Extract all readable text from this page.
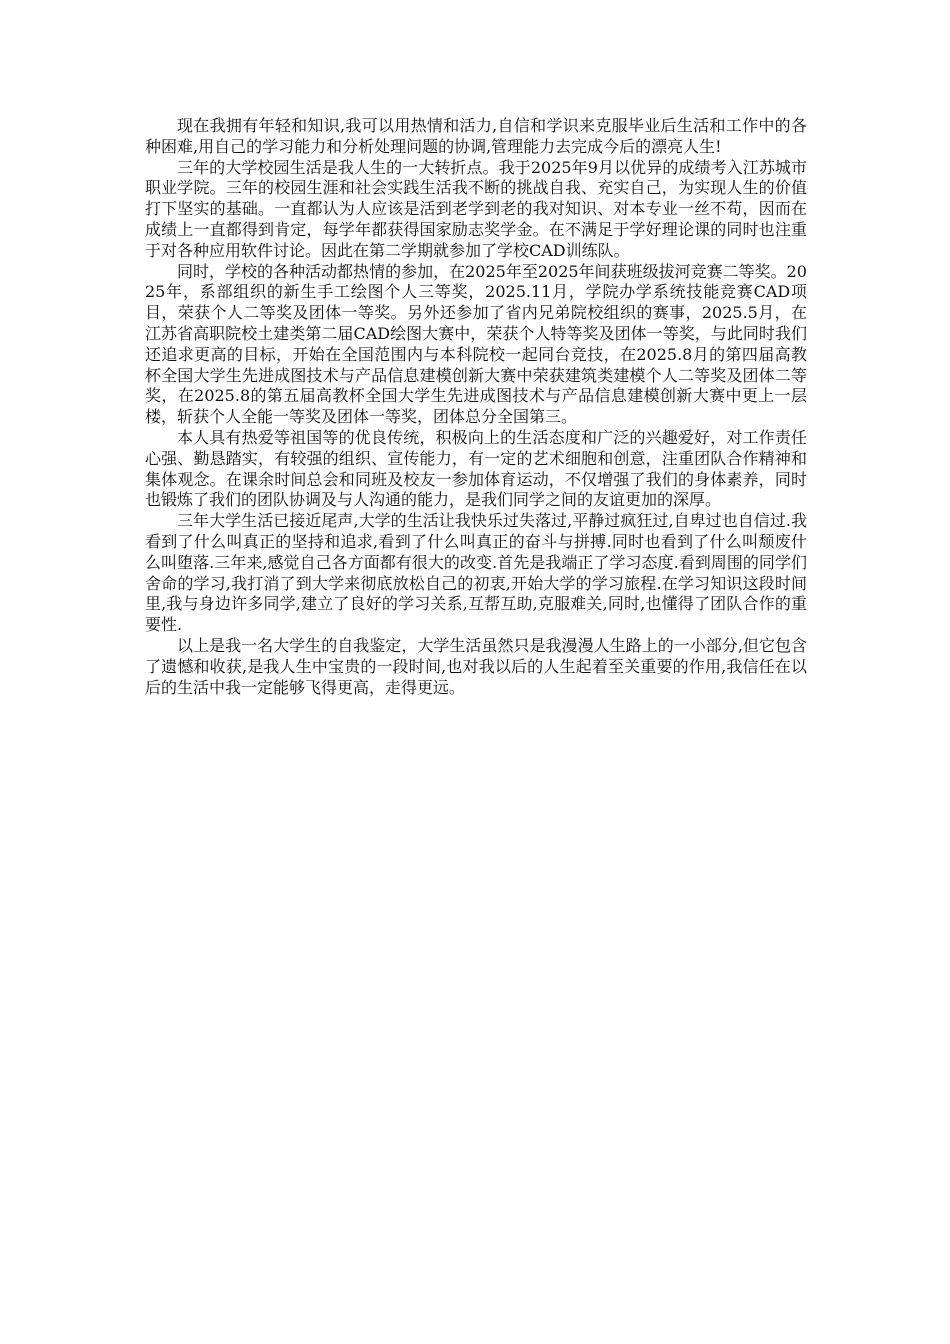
现在我拥有年轻和知识,我可以用热情和活力,自信和学识来克服毕业后生活和工作中的各种困难,用自己的学习能力和分析处理问题的协调,管理能力去完成今后的漂亮人生!

三年的大学校园生活是我人生的一大转折点。我于2025年9月以优异的成绩考入江苏城市职业学院。三年的校园生涯和社会实践生活我不断的挑战自我、充实自己，为实现人生的价值打下坚实的基础。一直都认为人应该是活到老学到老的我对知识、对本专业一丝不苟，因而在成绩上一直都得到肯定，每学年都获得国家励志奖学金。在不满足于学好理论课的同时也注重于对各种应用软件讨论。因此在第二学期就参加了学校CAD训练队。

同时，学校的各种活动都热情的参加，在2025年至2025年间获班级拔河竞赛二等奖。2025年，系部组织的新生手工绘图个人三等奖，2025.11月，学院办学系统技能竞赛CAD项目，荣获个人二等奖及团体一等奖。另外还参加了省内兄弟院校组织的赛事，2025.5月，在江苏省高职院校土建类第二届CAD绘图大赛中，荣获个人特等奖及团体一等奖，与此同时我们还追求更高的目标，开始在全国范围内与本科院校一起同台竞技，在2025.8月的第四届高教杯全国大学生先进成图技术与产品信息建模创新大赛中荣获建筑类建模个人二等奖及团体二等奖，在2025.8的第五届高教杯全国大学生先进成图技术与产品信息建模创新大赛中更上一层楼，斩获个人全能一等奖及团体一等奖，团体总分全国第三。

本人具有热爱等祖国等的优良传统，积极向上的生活态度和广泛的兴趣爱好，对工作责任心强、勤恳踏实，有较强的组织、宣传能力，有一定的艺术细胞和创意，注重团队合作精神和集体观念。在课余时间总会和同班及校友一参加体育运动，不仅增强了我们的身体素养，同时也锻炼了我们的团队协调及与人沟通的能力，是我们同学之间的友谊更加的深厚。

三年大学生活已接近尾声,大学的生活让我快乐过失落过,平静过疯狂过,自卑过也自信过.我看到了什么叫真正的坚持和追求,看到了什么叫真正的奋斗与拼搏.同时也看到了什么叫颓废什么叫堕落.三年来,感觉自己各方面都有很大的改变.首先是我端正了学习态度.看到周围的同学们舍命的学习,我打消了到大学来彻底放松自己的初衷,开始大学的学习旅程.在学习知识这段时间里,我与身边许多同学,建立了良好的学习关系,互帮互助,克服难关,同时,也懂得了团队合作的重要性.

以上是我一名大学生的自我鉴定，大学生活虽然只是我漫漫人生路上的一小部分,但它包含了遗憾和收获,是我人生中宝贵的一段时间,也对我以后的人生起着至关重要的作用,我信任在以后的生活中我一定能够飞得更高，走得更远。
